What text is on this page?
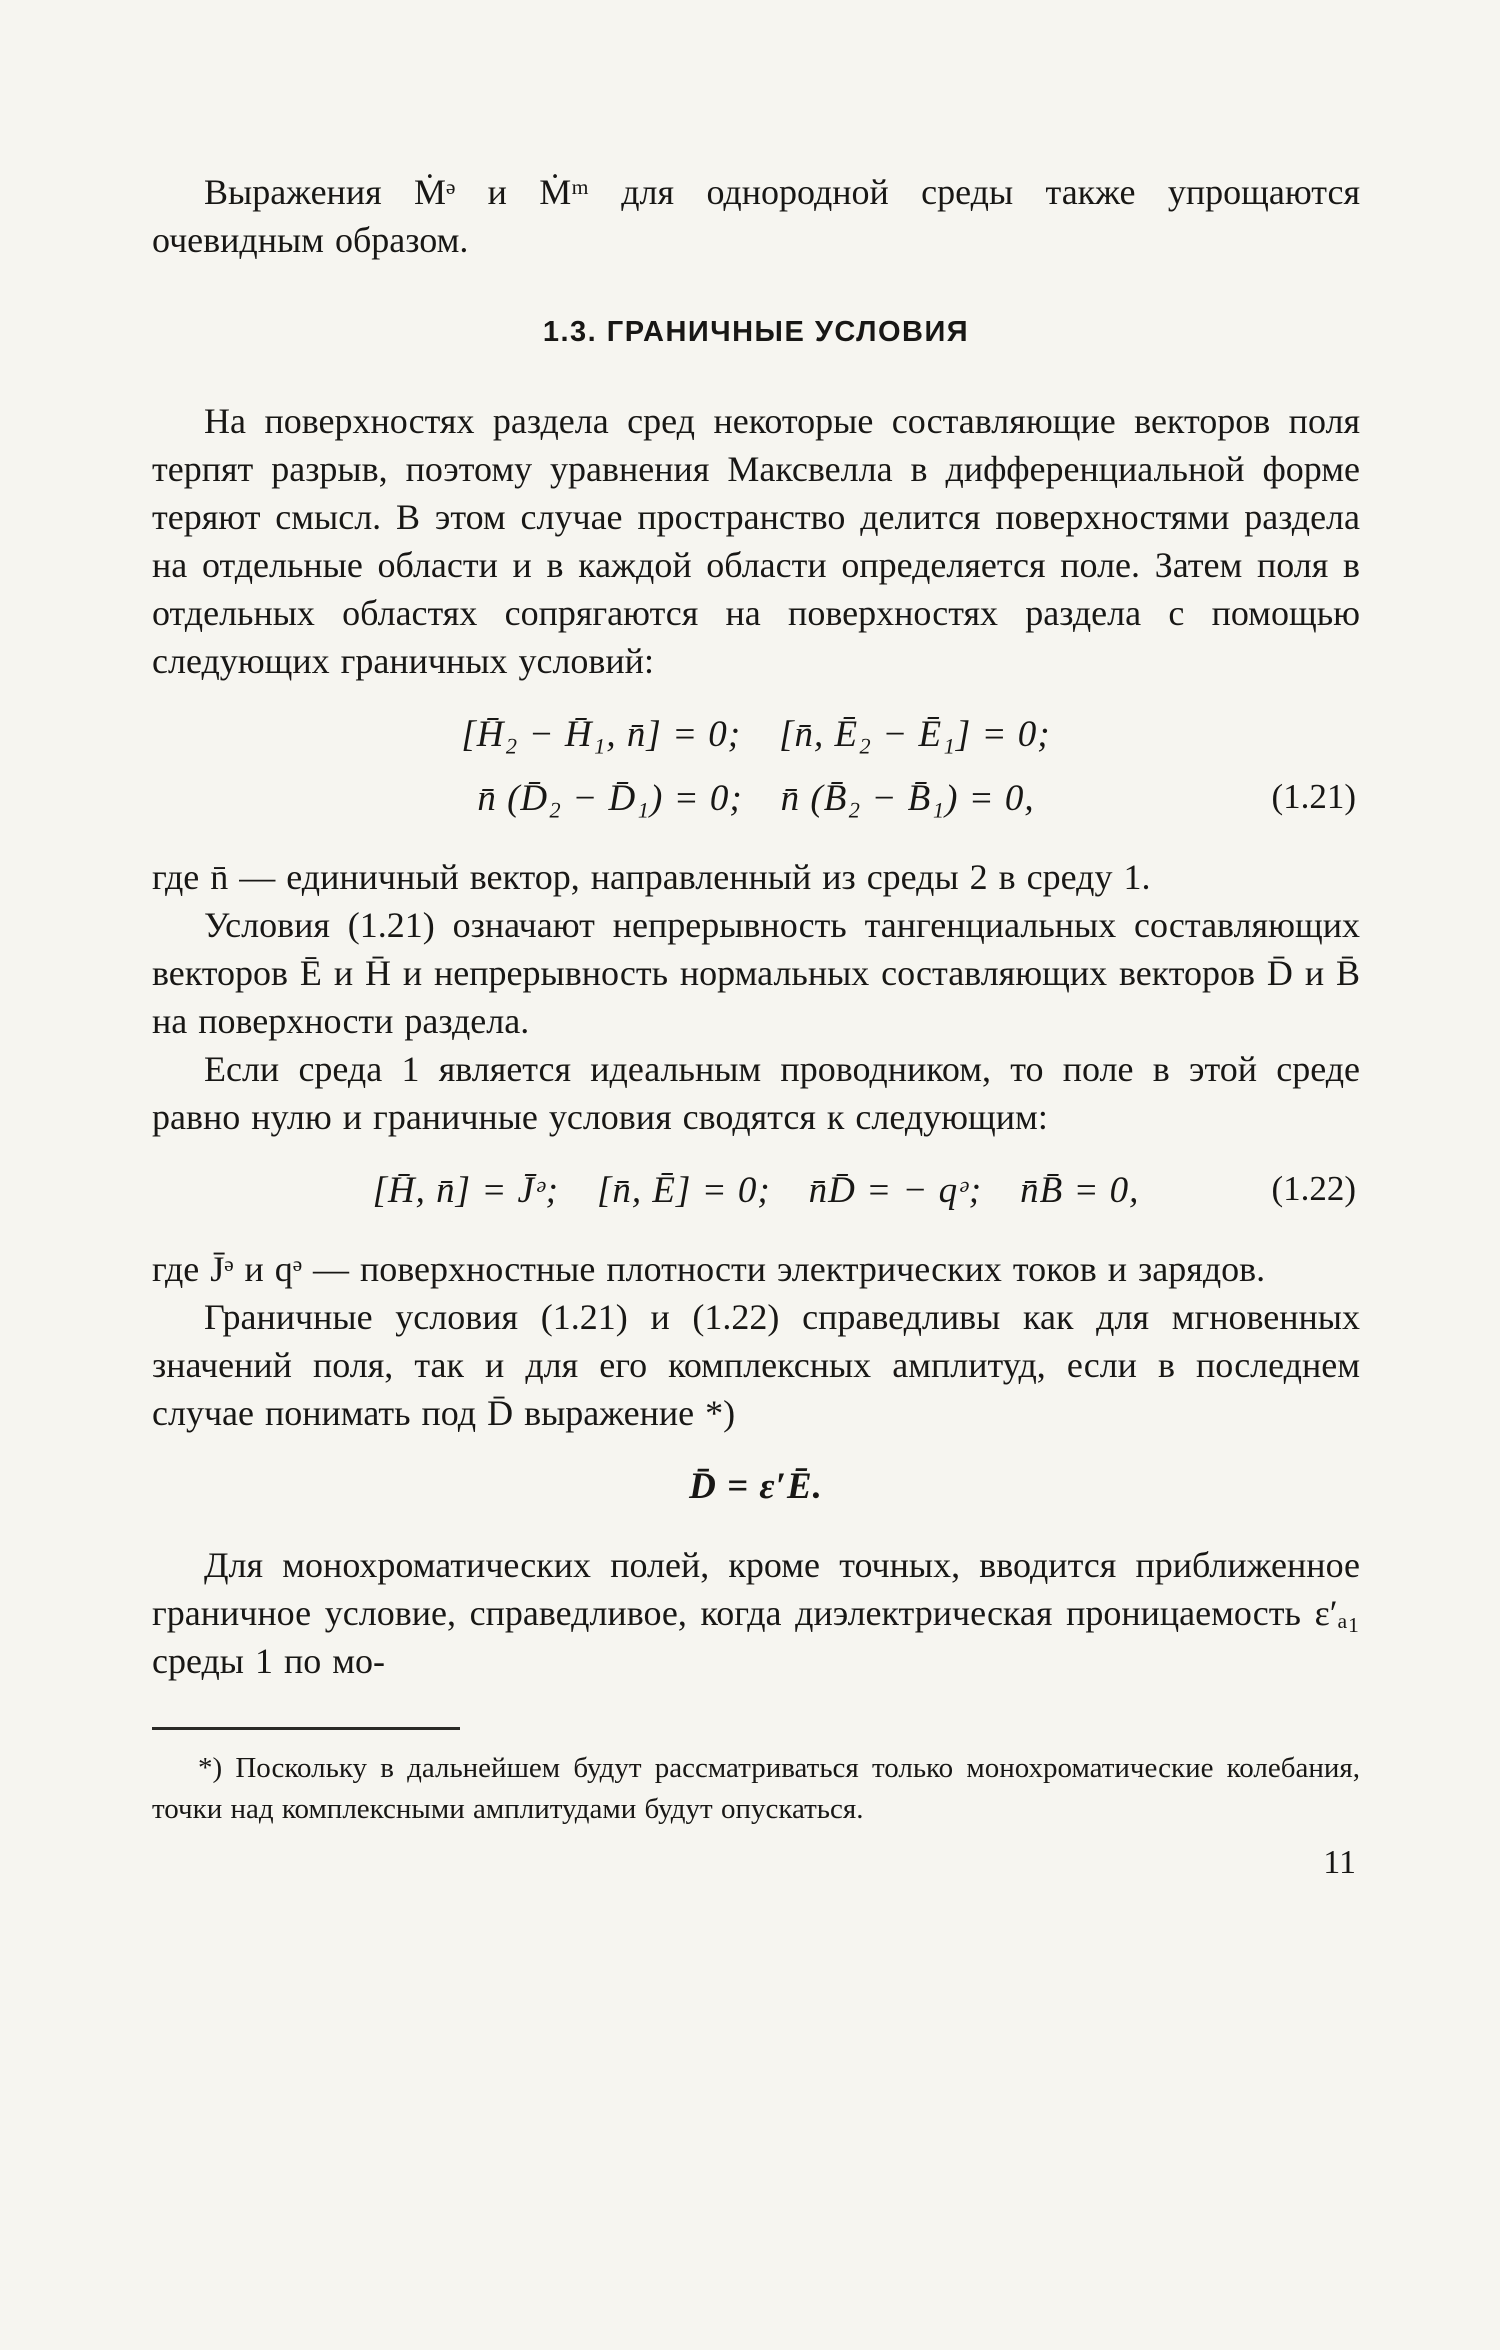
Выражения Ṁᵊ и Ṁᵐ для однородной среды также упрощаются очевидным образом.

1.3. ГРАНИЧНЫЕ УСЛОВИЯ

На поверхностях раздела сред некоторые составляющие векторов поля терпят разрыв, поэтому уравнения Максвелла в дифференциальной форме теряют смысл. В этом случае пространство делится поверхностями раздела на отдельные области и в каждой области определяется поле. Затем поля в отдельных областях сопрягаются на поверхностях раздела с помощью следующих граничных условий:

[H̄₂ − H̄₁, n̄] = 0; [n̄, Ē₂ − Ē₁] = 0;
n̄ (D̄₂ − D̄₁) = 0; n̄ (B̄₂ − B̄₁) = 0,	(1.21)

где n̄ — единичный вектор, направленный из среды 2 в среду 1.

Условия (1.21) означают непрерывность тангенциальных составляющих векторов Ē и H̄ и непрерывность нормальных составляющих векторов D̄ и B̄ на поверхности раздела.

Если среда 1 является идеальным проводником, то поле в этой среде равно нулю и граничные условия сводятся к следующим:

[H̄, n̄] = J̄ᵊ; [n̄, Ē] = 0; n̄D̄ = − qᵊ; n̄B̄ = 0,	(1.22)

где J̄ᵊ и qᵊ — поверхностные плотности электрических токов и зарядов.

Граничные условия (1.21) и (1.22) справедливы как для мгновенных значений поля, так и для его комплексных амплитуд, если в последнем случае понимать под D̄ выражение *)

D̄ = ε′Ē.

Для монохроматических полей, кроме точных, вводится приближенное граничное условие, справедливое, когда диэлектрическая проницаемость ε′ₐ₁ среды 1 по мо-

*) Поскольку в дальнейшем будут рассматриваться только монохроматические колебания, точки над комплексными амплитудами будут опускаться.

11
